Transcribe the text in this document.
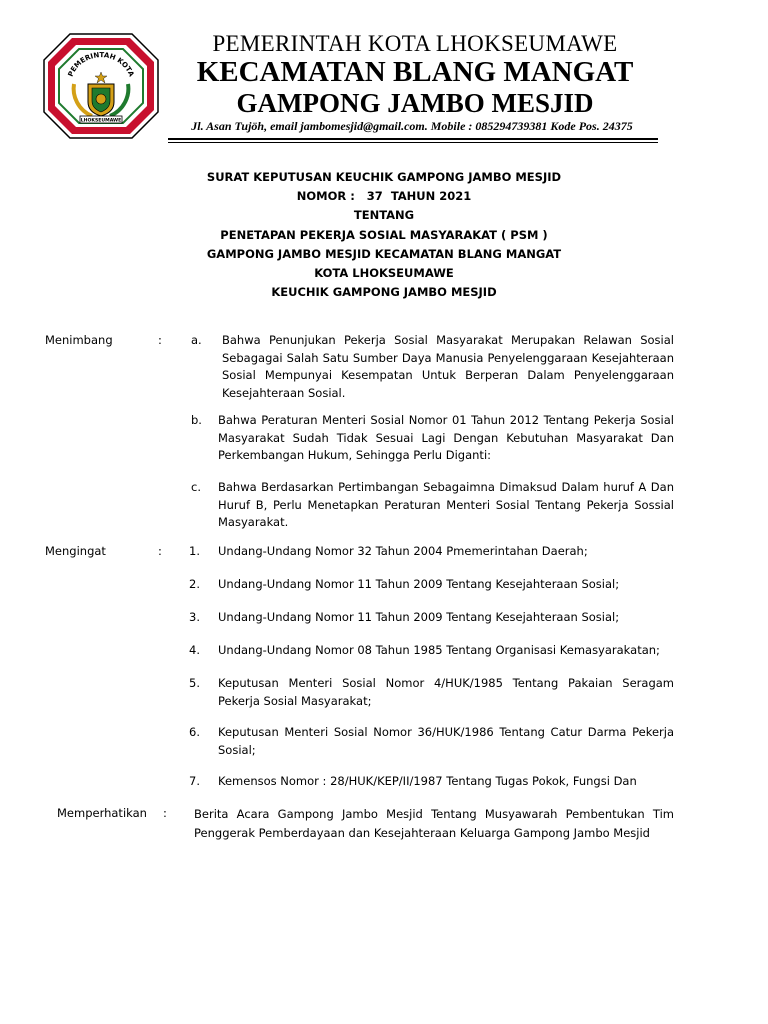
PEMERINTAH KOTA
LHOKSEUMAWE
PEMERINTAH KOTA LHOKSEUMAWE
KECAMATAN BLANG MANGAT
GAMPONG JAMBO MESJID
Jl. Asan Tujöh, email jambomesjid@gmail.com. Mobile : 085294739381 Kode Pos. 24375
SURAT KEPUTUSAN KEUCHIK GAMPONG JAMBO MESJID
NOMOR :   37  TAHUN 2021
TENTANG
PENETAPAN PEKERJA SOSIAL MASYARAKAT ( PSM )
GAMPONG JAMBO MESJID KECAMATAN BLANG MANGAT
KOTA LHOKSEUMAWE
KEUCHIK GAMPONG JAMBO MESJID
Menimbang	:	a. Bahwa Penunjukan Pekerja Sosial Masyarakat Merupakan Relawan Sosial Sebagagai Salah Satu Sumber Daya Manusia Penyelenggaraan Kesejahteraan Sosial Mempunyai Kesempatan Untuk Berperan Dalam Penyelenggaraan Kesejahteraan Sosial.
b. Bahwa Peraturan Menteri Sosial Nomor 01 Tahun 2012 Tentang Pekerja Sosial Masyarakat Sudah Tidak Sesuai Lagi Dengan Kebutuhan Masyarakat Dan Perkembangan Hukum, Sehingga Perlu Diganti:
c. Bahwa Berdasarkan Pertimbangan Sebagaimna Dimaksud Dalam huruf A Dan Huruf B, Perlu Menetapkan Peraturan Menteri Sosial Tentang Pekerja Sossial Masyarakat.
Mengingat	: 1. Undang-Undang Nomor 32 Tahun 2004 Pmemerintahan Daerah;
2. Undang-Undang Nomor 11 Tahun 2009 Tentang Kesejahteraan Sosial;
3. Undang-Undang Nomor 11 Tahun 2009 Tentang Kesejahteraan Sosial;
4. Undang-Undang Nomor 08 Tahun 1985 Tentang Organisasi Kemasyarakatan;
5. Keputusan Menteri Sosial Nomor 4/HUK/1985 Tentang Pakaian Seragam Pekerja Sosial Masyarakat;
6. Keputusan Menteri Sosial Nomor 36/HUK/1986 Tentang Catur Darma Pekerja Sosial;
7. Kemensos Nomor : 28/HUK/KEP/II/1987 Tentang Tugas Pokok, Fungsi Dan
Memperhatikan : Berita Acara Gampong Jambo Mesjid Tentang Musyawarah Pembentukan Tim Penggerak Pemberdayaan dan Kesejahteraan Keluarga Gampong Jambo Mesjid
